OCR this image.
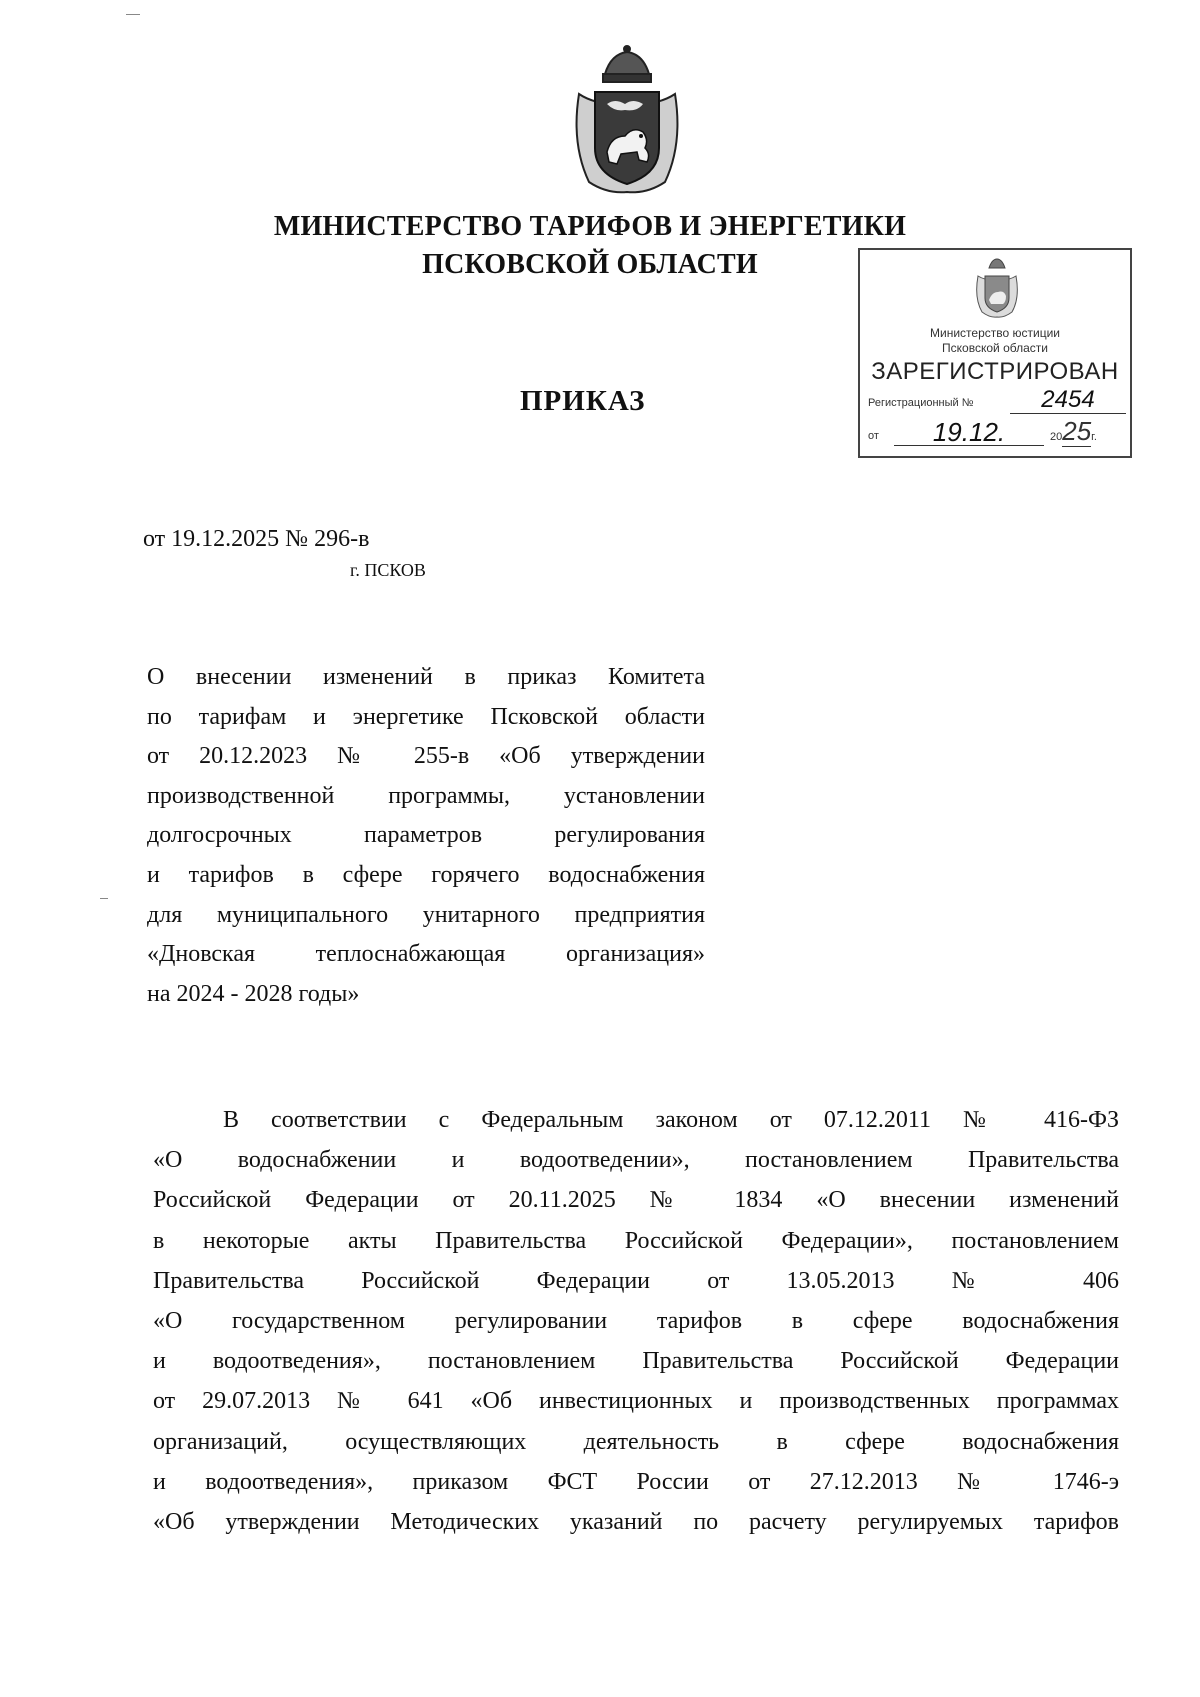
МИНИСТЕРСТВО ТАРИФОВ И ЭНЕРГЕТИКИ
ПСКОВСКОЙ ОБЛАСТИ
ПРИКАЗ
Министерство юстиции
Псковской области
ЗАРЕГИСТРИРОВАН
Регистрационный №	2454
от	19.12.	2025г.
от 19.12.2025 № 296-в
г. ПСКОВ
О внесении изменений в приказ Комитета
по тарифам и энергетике Псковской области
от 20.12.2023 № 255-в «Об утверждении
производственной программы, установлении
долгосрочных параметров регулирования
и тарифов в сфере горячего водоснабжения
для муниципального унитарного предприятия
«Дновская теплоснабжающая организация»
на 2024 - 2028 годы»
В соответствии с Федеральным законом от 07.12.2011 № 416-ФЗ
«О водоснабжении и водоотведении», постановлением Правительства
Российской Федерации от 20.11.2025 № 1834 «О внесении изменений
в некоторые акты Правительства Российской Федерации», постановлением
Правительства Российской Федерации от 13.05.2013 № 406
«О государственном регулировании тарифов в сфере водоснабжения
и водоотведения», постановлением Правительства Российской Федерации
от 29.07.2013 № 641 «Об инвестиционных и производственных программах
организаций, осуществляющих деятельность в сфере водоснабжения
и водоотведения», приказом ФСТ России от 27.12.2013 № 1746-э
«Об утверждении Методических указаний по расчету регулируемых тарифов
